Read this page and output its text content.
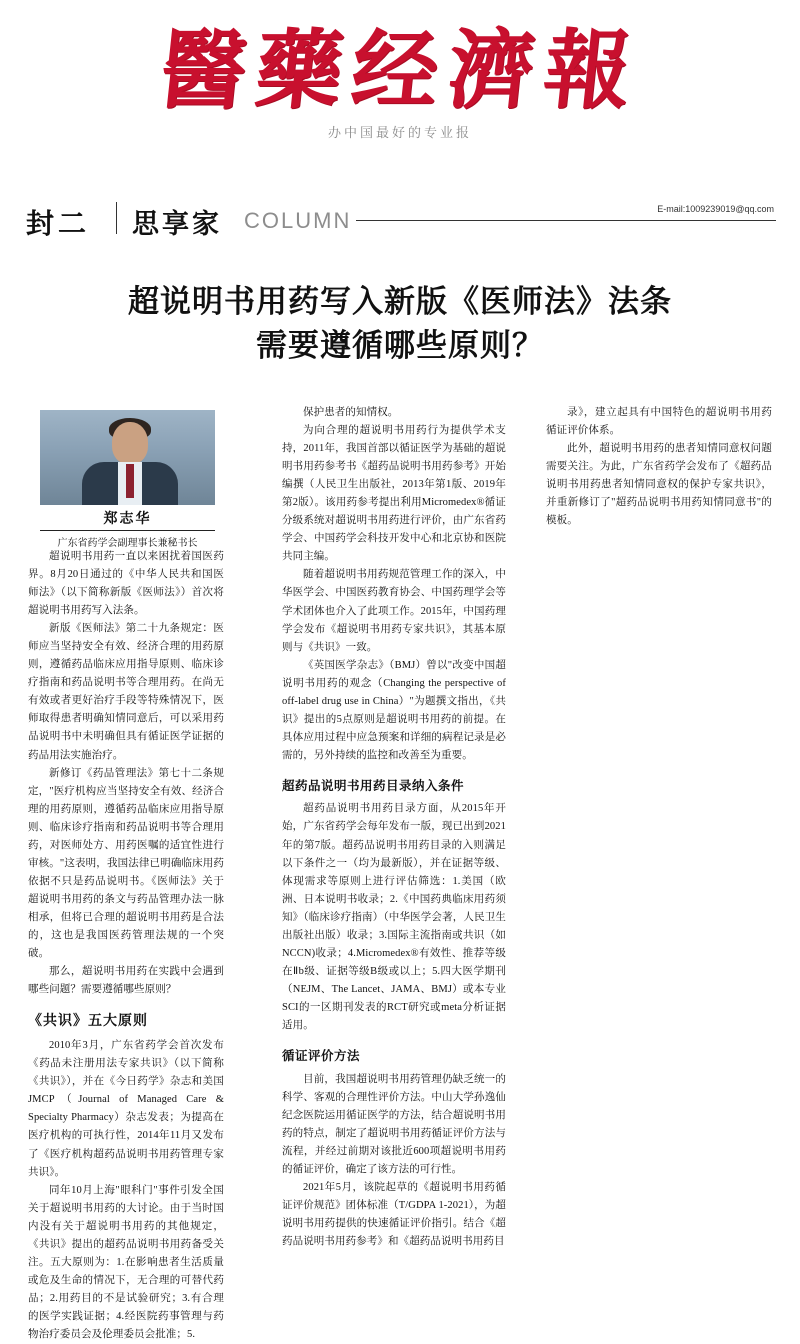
醫藥经濟報
办中国最好的专业报
封二 思享家 COLUMN	E-mail:1009239019@qq.com
超说明书用药写入新版《医师法》法条
需要遵循哪些原则？
郑志华
广东省药学会副理事长兼秘书长

超说明书用药一直以来困扰着国医药界。8月20日通过的《中华人民共和国医师法》（以下简称新版《医师法》）首次将超说明书用药写入法条。

新版《医师法》第二十九条规定：医师应当坚持安全有效、经济合理的用药原则，遵循药品临床应用指导原则、临床诊疗指南和药品说明书等合理用药。在尚无有效或者更好治疗手段等特殊情况下，医师取得患者明确知情同意后，可以采用药品说明书中未明确但具有循证医学证据的药品用法实施治疗。

新修订《药品管理法》第七十二条规定，"医疗机构应当坚持安全有效、经济合理的用药原则，遵循药品临床应用指导原则、临床诊疗指南和药品说明书等合理用药，对医师处方、用药医嘱的适宜性进行审核。"这表明，我国法律已明确临床用药依据不只是药品说明书。《医师法》关于超说明书用药的条文与药品管理办法一脉相承，但将已合理的超说明书用药是合法的，这也是我国医药管理法规的一个突破。

那么，超说明书用药在实践中会遇到哪些问题？需要遵循哪些原则？

《共识》五大原则

2010年3月，广东省药学会首次发布《药品未注册用法专家共识》（以下简称《共识》），并在《今日药学》杂志和美国JMCP（Journal of Managed Care & Specialty Pharmacy）杂志发表；为提高在医疗机构的可执行性，2014年11月又发布了《医疗机构超药品说明书用药管理专家共识》。

同年10月上海"眼科门"事件引发全国关于超说明书用药的大讨论。由于当时国内没有关于超说明书用药的其他规定，《共识》提出的超药品说明书用药备受关注。五大原则为：1.在影响患者生活质量或危及生命的情况下，无合理的可替代药品；2.用药目的不是试验研究；3.有合理的医学实践证据；4.经医院药事管理与药物治疗委员会及伦理委员会批准；5.

保护患者的知情权。

为向合理的超说明书用药行为提供学术支持，2011年，我国首部以循证医学为基础的超说明书用药参考书《超药品说明书用药参考》开始编撰（人民卫生出版社，2013年第1版、2019年第2版）。该用药参考提出利用Micromedex®循证分级系统对超说明书用药进行评价，由广东省药学会、中国药学会科技开发中心和北京协和医院共同主编。

随着超说明书用药规范管理工作的深入，中华医学会、中国医药教育协会、中国药理学会等学术团体也介入了此项工作。2015年，中国药理学会发布《超说明书用药专家共识》，其基本原则与《共识》一致。

《英国医学杂志》（BMJ）曾以"改变中国超说明书用药的观念（Changing the perspective of off-label drug use in China）"为题撰文指出，《共识》提出的5点原则是超说明书用药的前提。在具体应用过程中应急预案和详细的病程记录是必需的，另外持续的监控和改善至为重要。

超药品说明书用药目录纳入条件

超药品说明书用药目录方面，从2015年开始，广东省药学会每年发布一版，现已出到2021年的第7版。超药品说明书用药目录的入则满足以下条件之一（均为最新版），并在证据等级、体现需求等原则上进行评估筛选：1.美国（欧洲、日本说明书收录；2.《中国药典临床用药须知》（临床诊疗指南）（中华医学会著，人民卫生出版社出版）收录；3.国际主流指南或共识（如NCCN)收录；4.Micromedex®有效性、推荐等级在Ⅱb级、证据等级B级或以上；5.四大医学期刊（NEJM、The Lancet、JAMA、BMJ）或本专业SCI的一区期刊发表的RCT研究或meta分析证据适用。

循证评价方法

目前，我国超说明书用药管理仍缺乏统一的科学、客观的合理性评价方法。中山大学孙逸仙纪念医院运用循证医学的方法，结合超说明书用药的特点，制定了超说明书用药循证评价方法与流程，并经过前期对该批近600项超说明书用药的循证评价，确定了该方法的可行性。

2021年5月，该院起草的《超说明书用药循证评价规范》团体标准（T/GDPA 1-2021），为超说明书用药提供的快速循证评价指引。结合《超药品说明书用药参考》和《超药品说明书用药目

录》，建立起具有中国特色的超说明书用药循证评价体系。

此外，超说明书用药的患者知情同意权问题需要关注。为此，广东省药学会发布了《超药品说明书用药患者知情同意权的保护专家共识》，并重新修订了"超药品说明书用药知情同意书"的模板。
